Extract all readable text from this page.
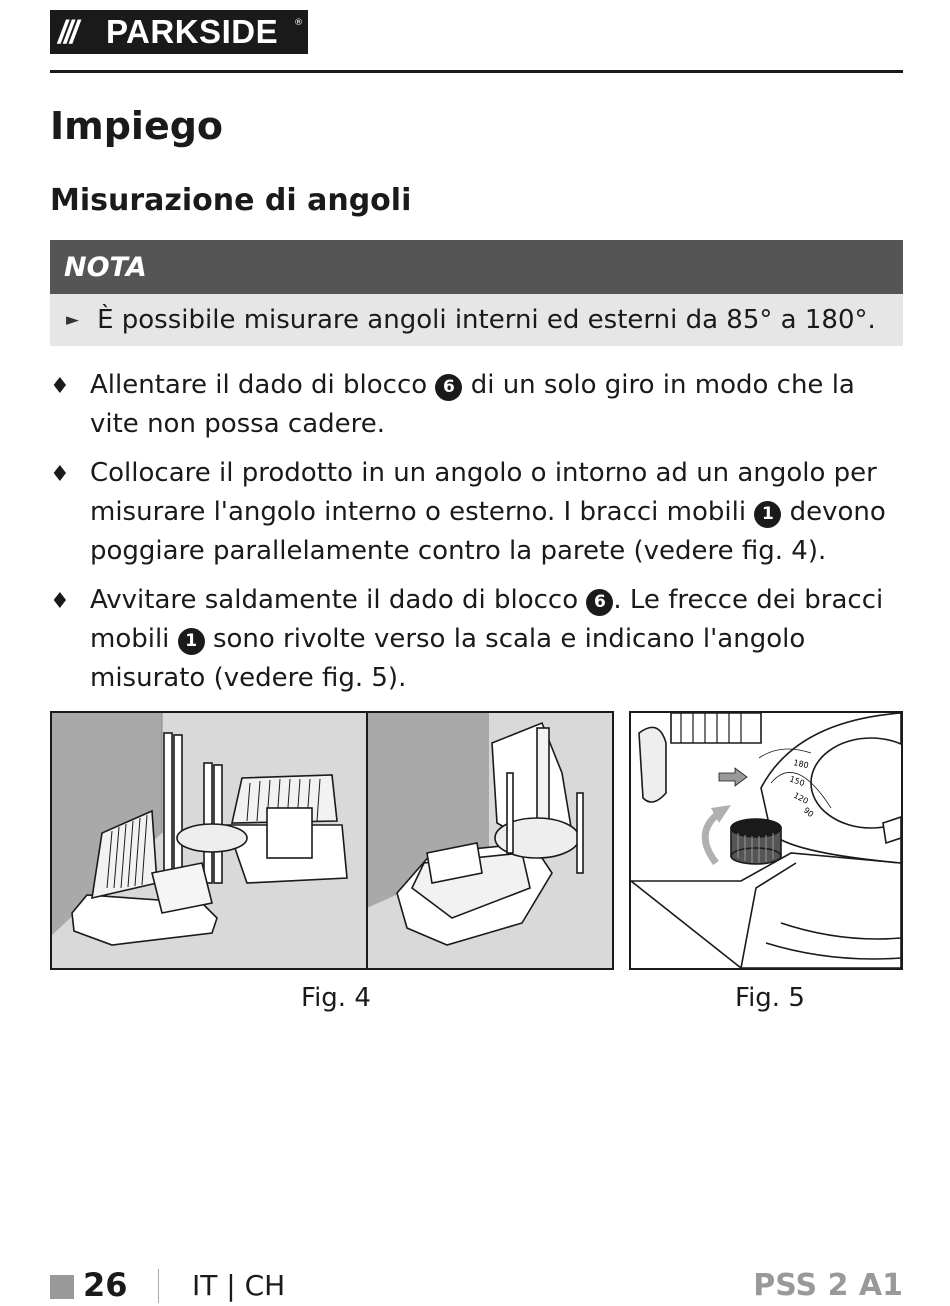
/// PARKSIDE ®
Impiego
Misurazione di angoli
NOTA
► È possibile misurare angoli interni ed esterni da 85° a 180°.
♦ Allentare il dado di blocco 6 di un solo giro in modo che la vite non possa cadere.
♦ Collocare il prodotto in un angolo o intorno ad un angolo per misurare l'angolo interno o esterno. I bracci mobili 1 devono poggiare parallelamente contro la parete (vedere fig. 4).
♦ Avvitare saldamente il dado di blocco 6 . Le frecce dei bracci mobili 1 sono rivolte verso la scala e indicano l'angolo misurato (vedere fig. 5).
180
150
120
90
Fig. 4	Fig. 5
26 IT | CH	PSS 2 A1
